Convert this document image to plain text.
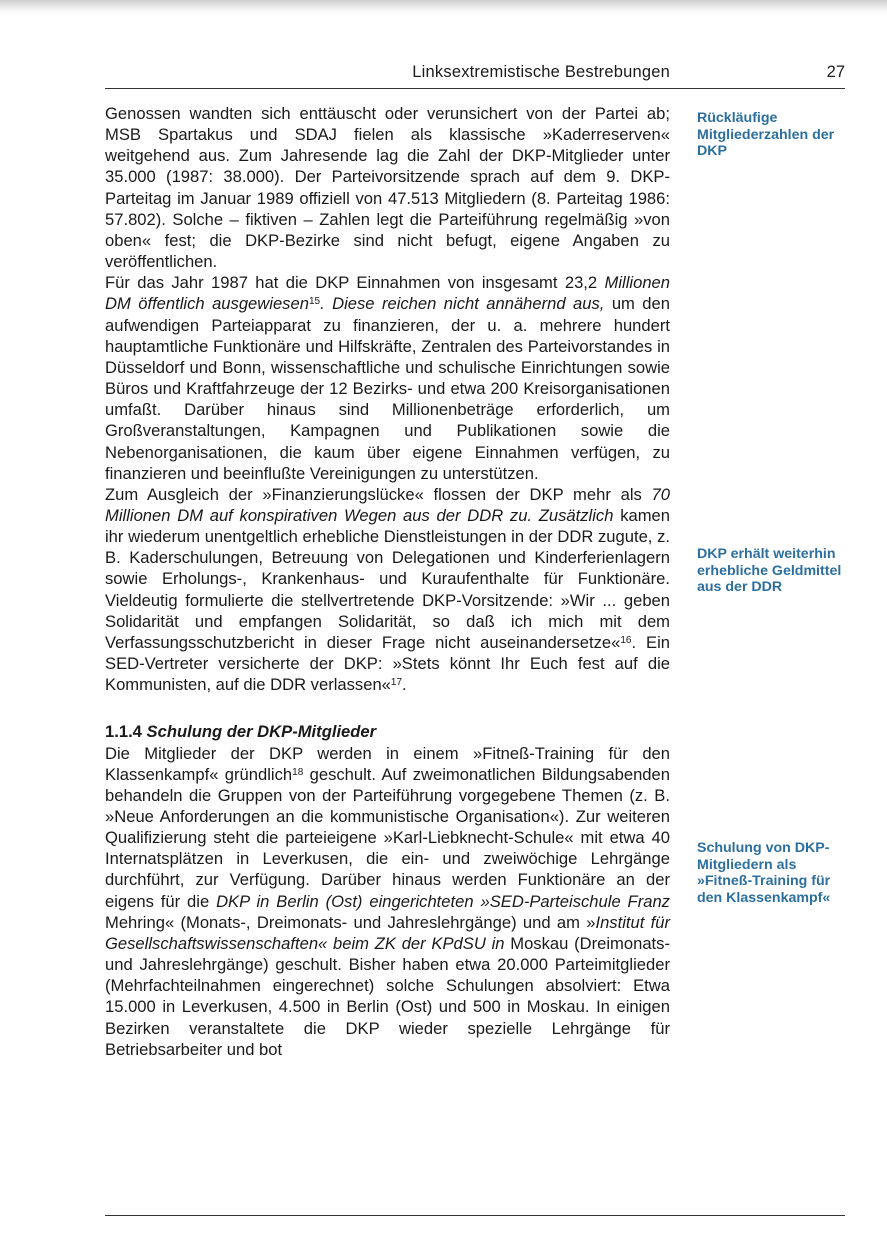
Linksextremistische Bestrebungen	27

Genossen wandten sich enttäuscht oder verunsichert von der Partei ab; MSB Spartakus und SDAJ fielen als klassische »Kaderreserven« weitgehend aus. Zum Jahresende lag die Zahl der DKP-Mitglieder unter 35.000 (1987: 38.000). Der Parteivorsitzende sprach auf dem 9. DKP-Parteitag im Januar 1989 offiziell von 47.513 Mitgliedern (8. Parteitag 1986: 57.802). Solche – fiktiven – Zahlen legt die Parteiführung regelmäßig »von oben« fest; die DKP-Bezirke sind nicht befugt, eigene Angaben zu veröffentlichen.

Für das Jahr 1987 hat die DKP Einnahmen von insgesamt 23,2 Millionen DM öffentlich ausgewiesen$^{15}$. Diese reichen nicht annähernd aus, um den aufwendigen Parteiapparat zu finanzieren, der u. a. mehrere hundert hauptamtliche Funktionäre und Hilfskräfte, Zentralen des Parteivorstandes in Düsseldorf und Bonn, wissenschaftliche und schulische Einrichtungen sowie Büros und Kraftfahrzeuge der 12 Bezirks- und etwa 200 Kreisorganisationen umfaßt. Darüber hinaus sind Millionenbeträge erforderlich, um Großveranstaltungen, Kampagnen und Publikationen sowie die Nebenorganisationen, die kaum über eigene Einnahmen verfügen, zu finanzieren und beeinflußte Vereinigungen zu unterstützen.

Zum Ausgleich der »Finanzierungslücke« flossen der DKP mehr als 70 Millionen DM auf konspirativen Wegen aus der DDR zu. Zusätzlich kamen ihr wiederum unentgeltlich erhebliche Dienstleistungen in der DDR zugute, z. B. Kaderschulungen, Betreuung von Delegationen und Kinderferienlagern sowie Erholungs-, Krankenhaus- und Kuraufenthalte für Funktionäre. Vieldeutig formulierte die stellvertretende DKP-Vorsitzende: »Wir ... geben Solidarität und empfangen Solidarität, so daß ich mich mit dem Verfassungsschutzbericht in dieser Frage nicht auseinandersetze«$^{16}$. Ein SED-Vertreter versicherte der DKP: »Stets könnt Ihr Euch fest auf die Kommunisten, auf die DDR verlassen«$^{17}$.

1.1.4 Schulung der DKP-Mitglieder

Die Mitglieder der DKP werden in einem »Fitneß-Training für den Klassenkampf« gründlich$^{18}$ geschult. Auf zweimonatlichen Bildungsabenden behandeln die Gruppen von der Parteiführung vorgegebene Themen (z. B. »Neue Anforderungen an die kommunistische Organisation«). Zur weiteren Qualifizierung steht die parteieigene »Karl-Liebknecht-Schule« mit etwa 40 Internatsplätzen in Leverkusen, die ein- und zweiwöchige Lehrgänge durchführt, zur Verfügung. Darüber hinaus werden Funktionäre an der eigens für die DKP in Berlin (Ost) eingerichteten »SED-Parteischule Franz Mehring« (Monats-, Dreimonats- und Jahreslehrgänge) und am »Institut für Gesellschaftswissenschaften« beim ZK der KPdSU in Moskau (Dreimonats- und Jahreslehrgänge) geschult. Bisher haben etwa 20.000 Parteimitglieder (Mehrfachteilnahmen eingerechnet) solche Schulungen absolviert: Etwa 15.000 in Leverkusen, 4.500 in Berlin (Ost) und 500 in Moskau. In einigen Bezirken veranstaltete die DKP wieder spezielle Lehrgänge für Betriebsarbeiter und bot

Rückläufige Mitgliederzahlen der DKP
DKP erhält weiterhin erhebliche Geldmittel aus der DDR
Schulung von DKP-Mitgliedern als »Fitneß-Training für den Klassenkampf«
